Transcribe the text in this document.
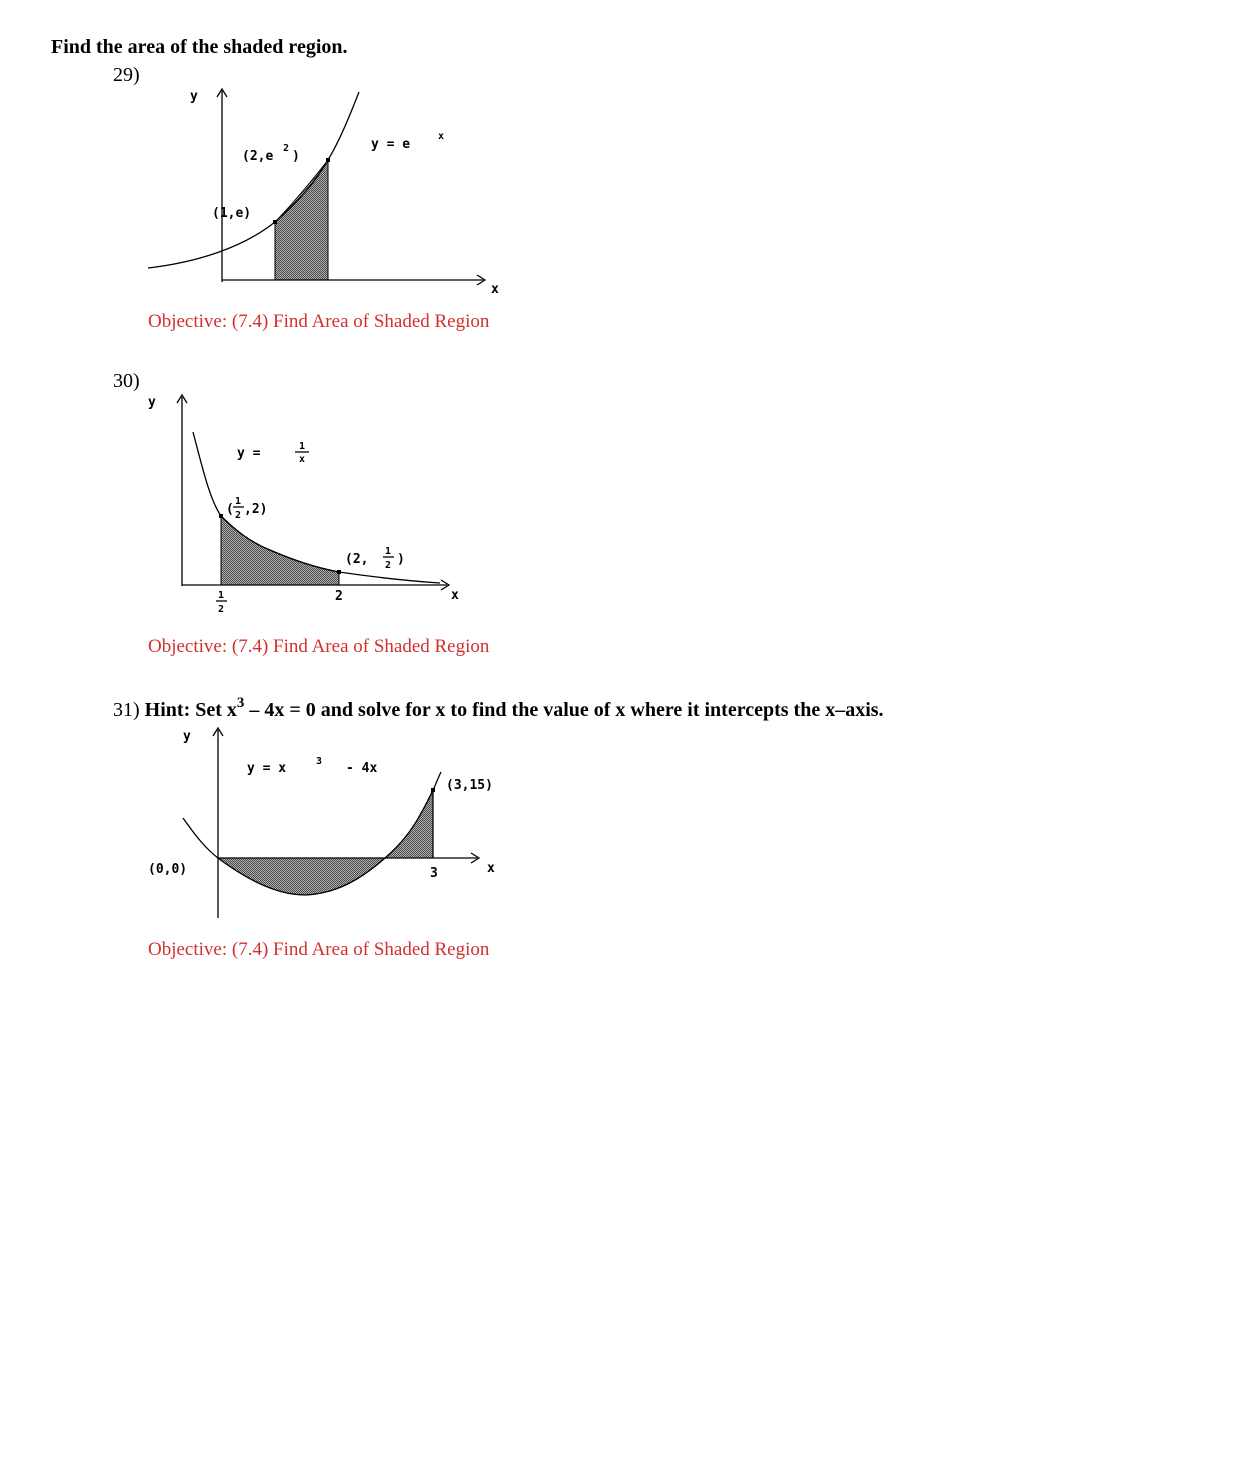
Find the area of the shaded region.
29)
y
x
y = e
x
(1,e)
(2,e
2
)
Objective: (7.4) Find Area of Shaded Region
30)
y
x
y =	1
x
(
1
2 ,2)
(2,
1
2 )
1
2
2
Objective: (7.4) Find Area of Shaded Region
31) Hint: Set $x^3 - 4x = 0$ and solve for x to find the value of x where it intercepts the x–axis.
y
x
y = x	3 - 4x
(3,15)
(0,0)	3
Objective: (7.4) Find Area of Shaded Region
